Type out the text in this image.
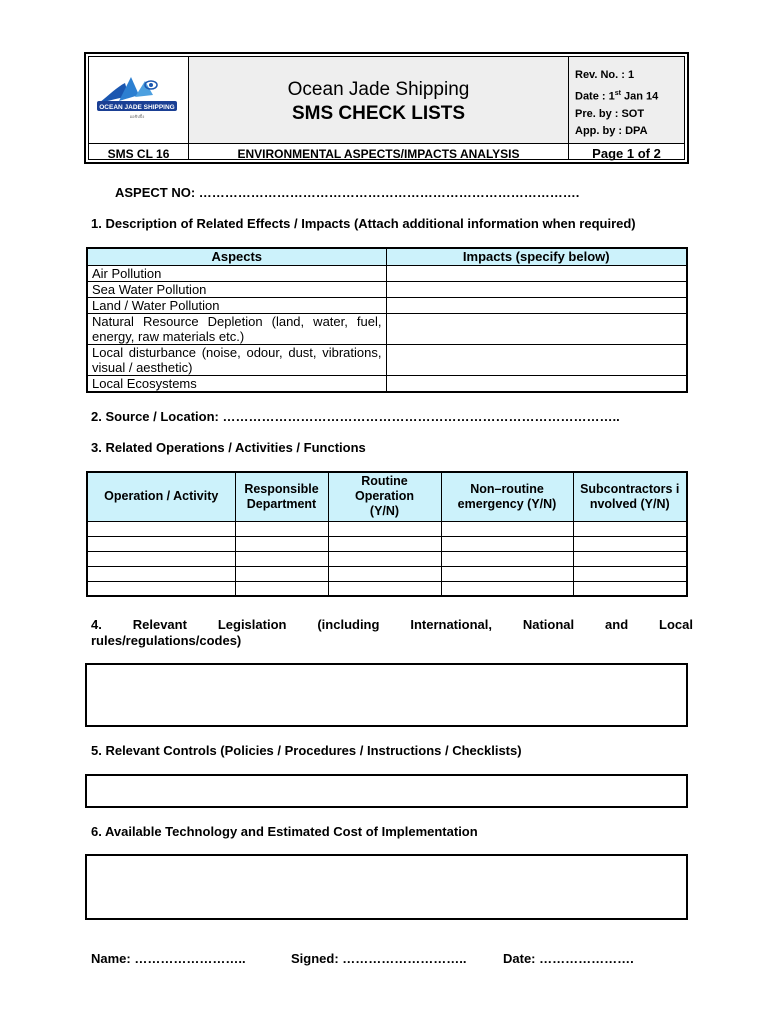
OCEAN JADE SHIPPING
ออชิปปิ้ง
Ocean Jade Shipping
SMS CHECK LISTS
Rev. No. : 1
Date : 1st Jan 14
Pre. by : SOT
App. by : DPA
SMS CL 16	ENVIRONMENTAL ASPECTS/IMPACTS ANALYSIS	Page 1 of 2
ASPECT NO: …………………………………………………………………………….
1. Description of Related Effects / Impacts (Attach additional information when required)
Aspects	Impacts (specify below)
Air Pollution	
Sea Water Pollution	
Land / Water Pollution	
Natural Resource Depletion (land, water, fuel, energy, raw materials etc.)	
Local disturbance (noise, odour, dust, vibrations, visual / aesthetic)	
Local Ecosystems	
2. Source / Location: ………………………………………………………………………………..
3. Related Operations / Activities / Functions
Operation / Activity	Responsible Department	Routine Operation (Y/N)	Non–routine emergency (Y/N)	Subcontractors involved (Y/N)

4. Relevant Legislation (including International, National and Local
rules/regulations/codes)
5. Relevant Controls (Policies / Procedures / Instructions / Checklists)
6. Available Technology and Estimated Cost of Implementation
Name: ……………………..	Signed: ………………………..	Date: ………………….
